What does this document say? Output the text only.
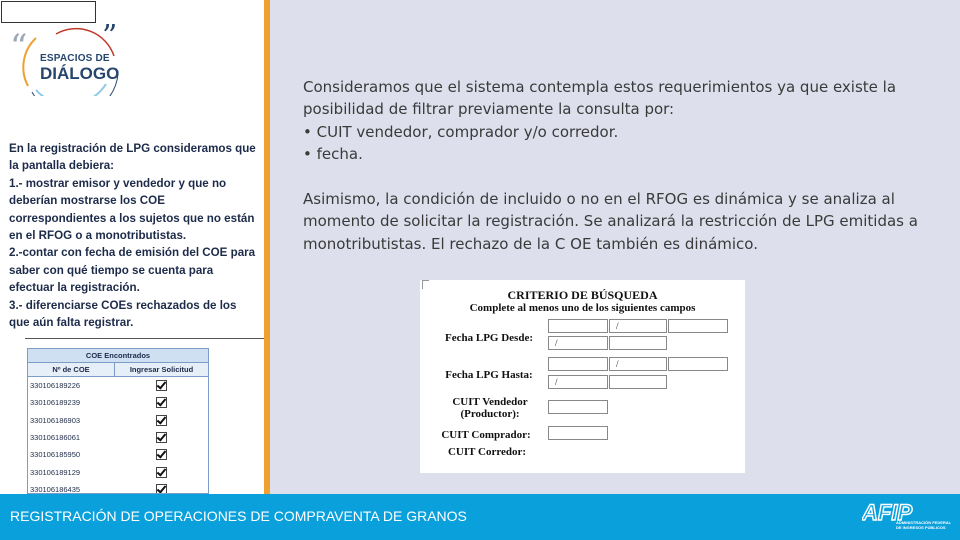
REGISTRACIÓN DE OPERACIONES DE COMPRAVENTA DE GRANOS
“ ”
ESPACIOS DE
DIÁLOGO

En la registración de LPG consideramos que la pantalla debiera:

1.- mostrar emisor y vendedor y que no deberían mostrarse los COE correspondientes a los sujetos que no están en el RFOG o a monotributistas.

2.-contar con fecha de emisión del COE para saber con qué tiempo se cuenta para efectuar la registración.

3.- diferenciarse COEs rechazados de los que aún falta registrar.

COE Encontrados
Nº de COE	Ingresar Solicitud
330106189226
330106189239
330106186903
330106186061
330106185950
330106189129
330106186435

Consideramos que el sistema contempla estos requerimientos ya que existe la posibilidad de filtrar previamente la consulta por:

• CUIT vendedor, comprador y/o corredor.

• fecha.

Asimismo, la condición de incluido o no en el RFOG es dinámica y se analiza al momento de solicitar la registración. Se analizará la restricción de LPG emitidas a monotributistas. El rechazo de la C OE también es dinámico.

CRITERIO DE BÚSQUEDA
Complete al menos uno de los siguientes campos
Fecha LPG Desde:
/
/
Fecha LPG Hasta:
/
/
CUIT Vendedor (Productor):
CUIT Comprador:
CUIT Corredor:
AFIP
ADMINISTRACIÓN FEDERAL DE INGRESOS PÚBLICOS
